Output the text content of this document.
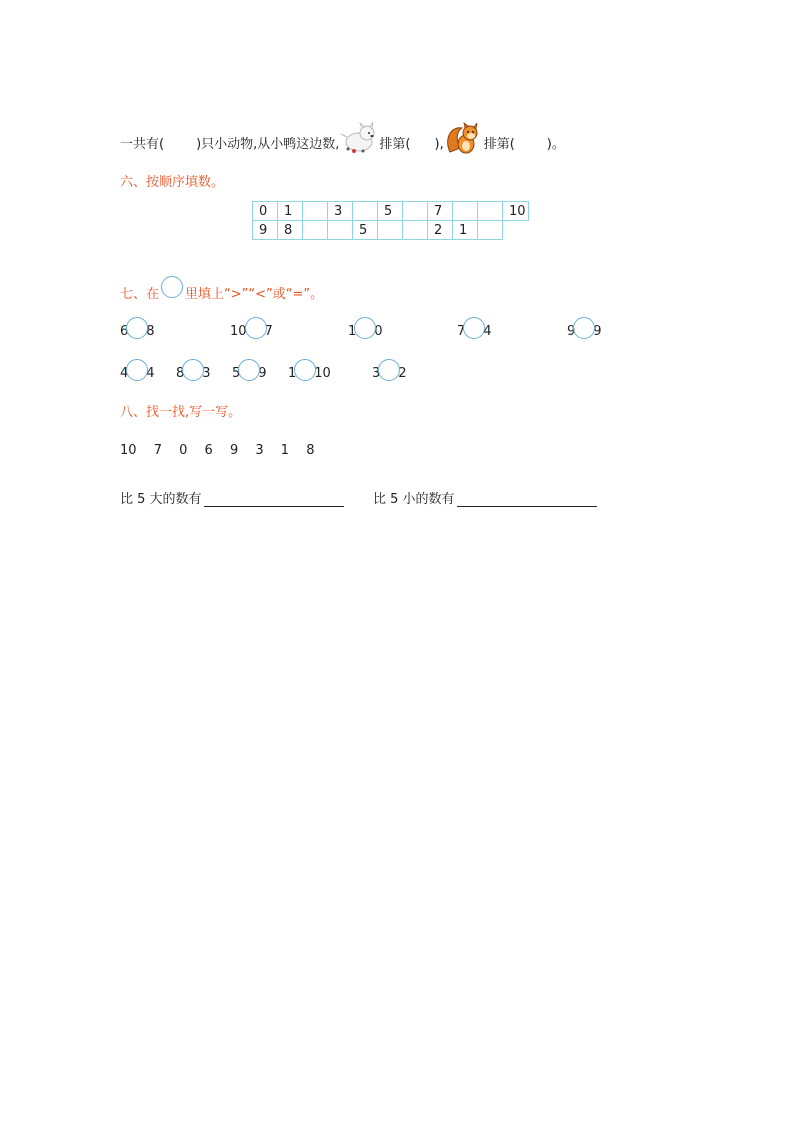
一共有( )只小动物,从小鸭这边数,	排第( ),	排第( )。
六、按顺序填数。
0	1		3		5		7			10
9	8			5			2	1		
七、在 里填上“>”“<”或“=”。
6 8	10 7	1 0	7 4	9 9
4 4 8 3 5 9 1 10	3 2
八、找一找,写一写。
10 7 0 6 9 3 1 8
比 5 大的数有	比 5 小的数有
